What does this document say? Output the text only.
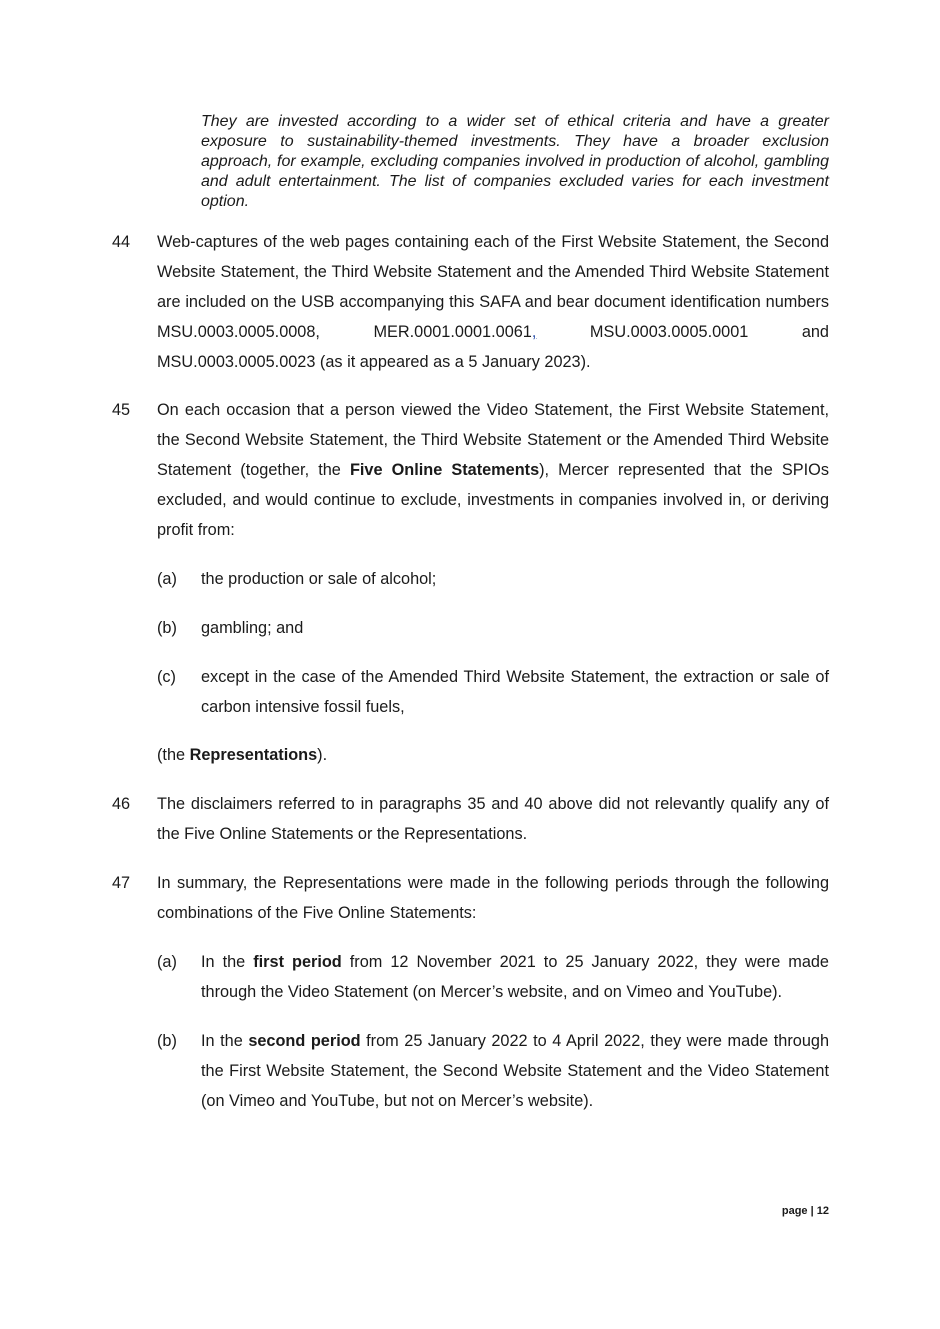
They are invested according to a wider set of ethical criteria and have a greater exposure to sustainability-themed investments. They have a broader exclusion approach, for example, excluding companies involved in production of alcohol, gambling and adult entertainment. The list of companies excluded varies for each investment option.
44 Web-captures of the web pages containing each of the First Website Statement, the Second Website Statement, the Third Website Statement and the Amended Third Website Statement are included on the USB accompanying this SAFA and bear document identification numbers MSU.0003.0005.0008, MER.0001.0001.0061, MSU.0003.0005.0001 and MSU.0003.0005.0023 (as it appeared as a 5 January 2023).
45 On each occasion that a person viewed the Video Statement, the First Website Statement, the Second Website Statement, the Third Website Statement or the Amended Third Website Statement (together, the Five Online Statements), Mercer represented that the SPIOs excluded, and would continue to exclude, investments in companies involved in, or deriving profit from:
(a) the production or sale of alcohol;
(b) gambling; and
(c) except in the case of the Amended Third Website Statement, the extraction or sale of carbon intensive fossil fuels,
(the Representations).
46 The disclaimers referred to in paragraphs 35 and 40 above did not relevantly qualify any of the Five Online Statements or the Representations.
47 In summary, the Representations were made in the following periods through the following combinations of the Five Online Statements:
(a) In the first period from 12 November 2021 to 25 January 2022, they were made through the Video Statement (on Mercer’s website, and on Vimeo and YouTube).
(b) In the second period from 25 January 2022 to 4 April 2022, they were made through the First Website Statement, the Second Website Statement and the Video Statement (on Vimeo and YouTube, but not on Mercer’s website).
page | 12
